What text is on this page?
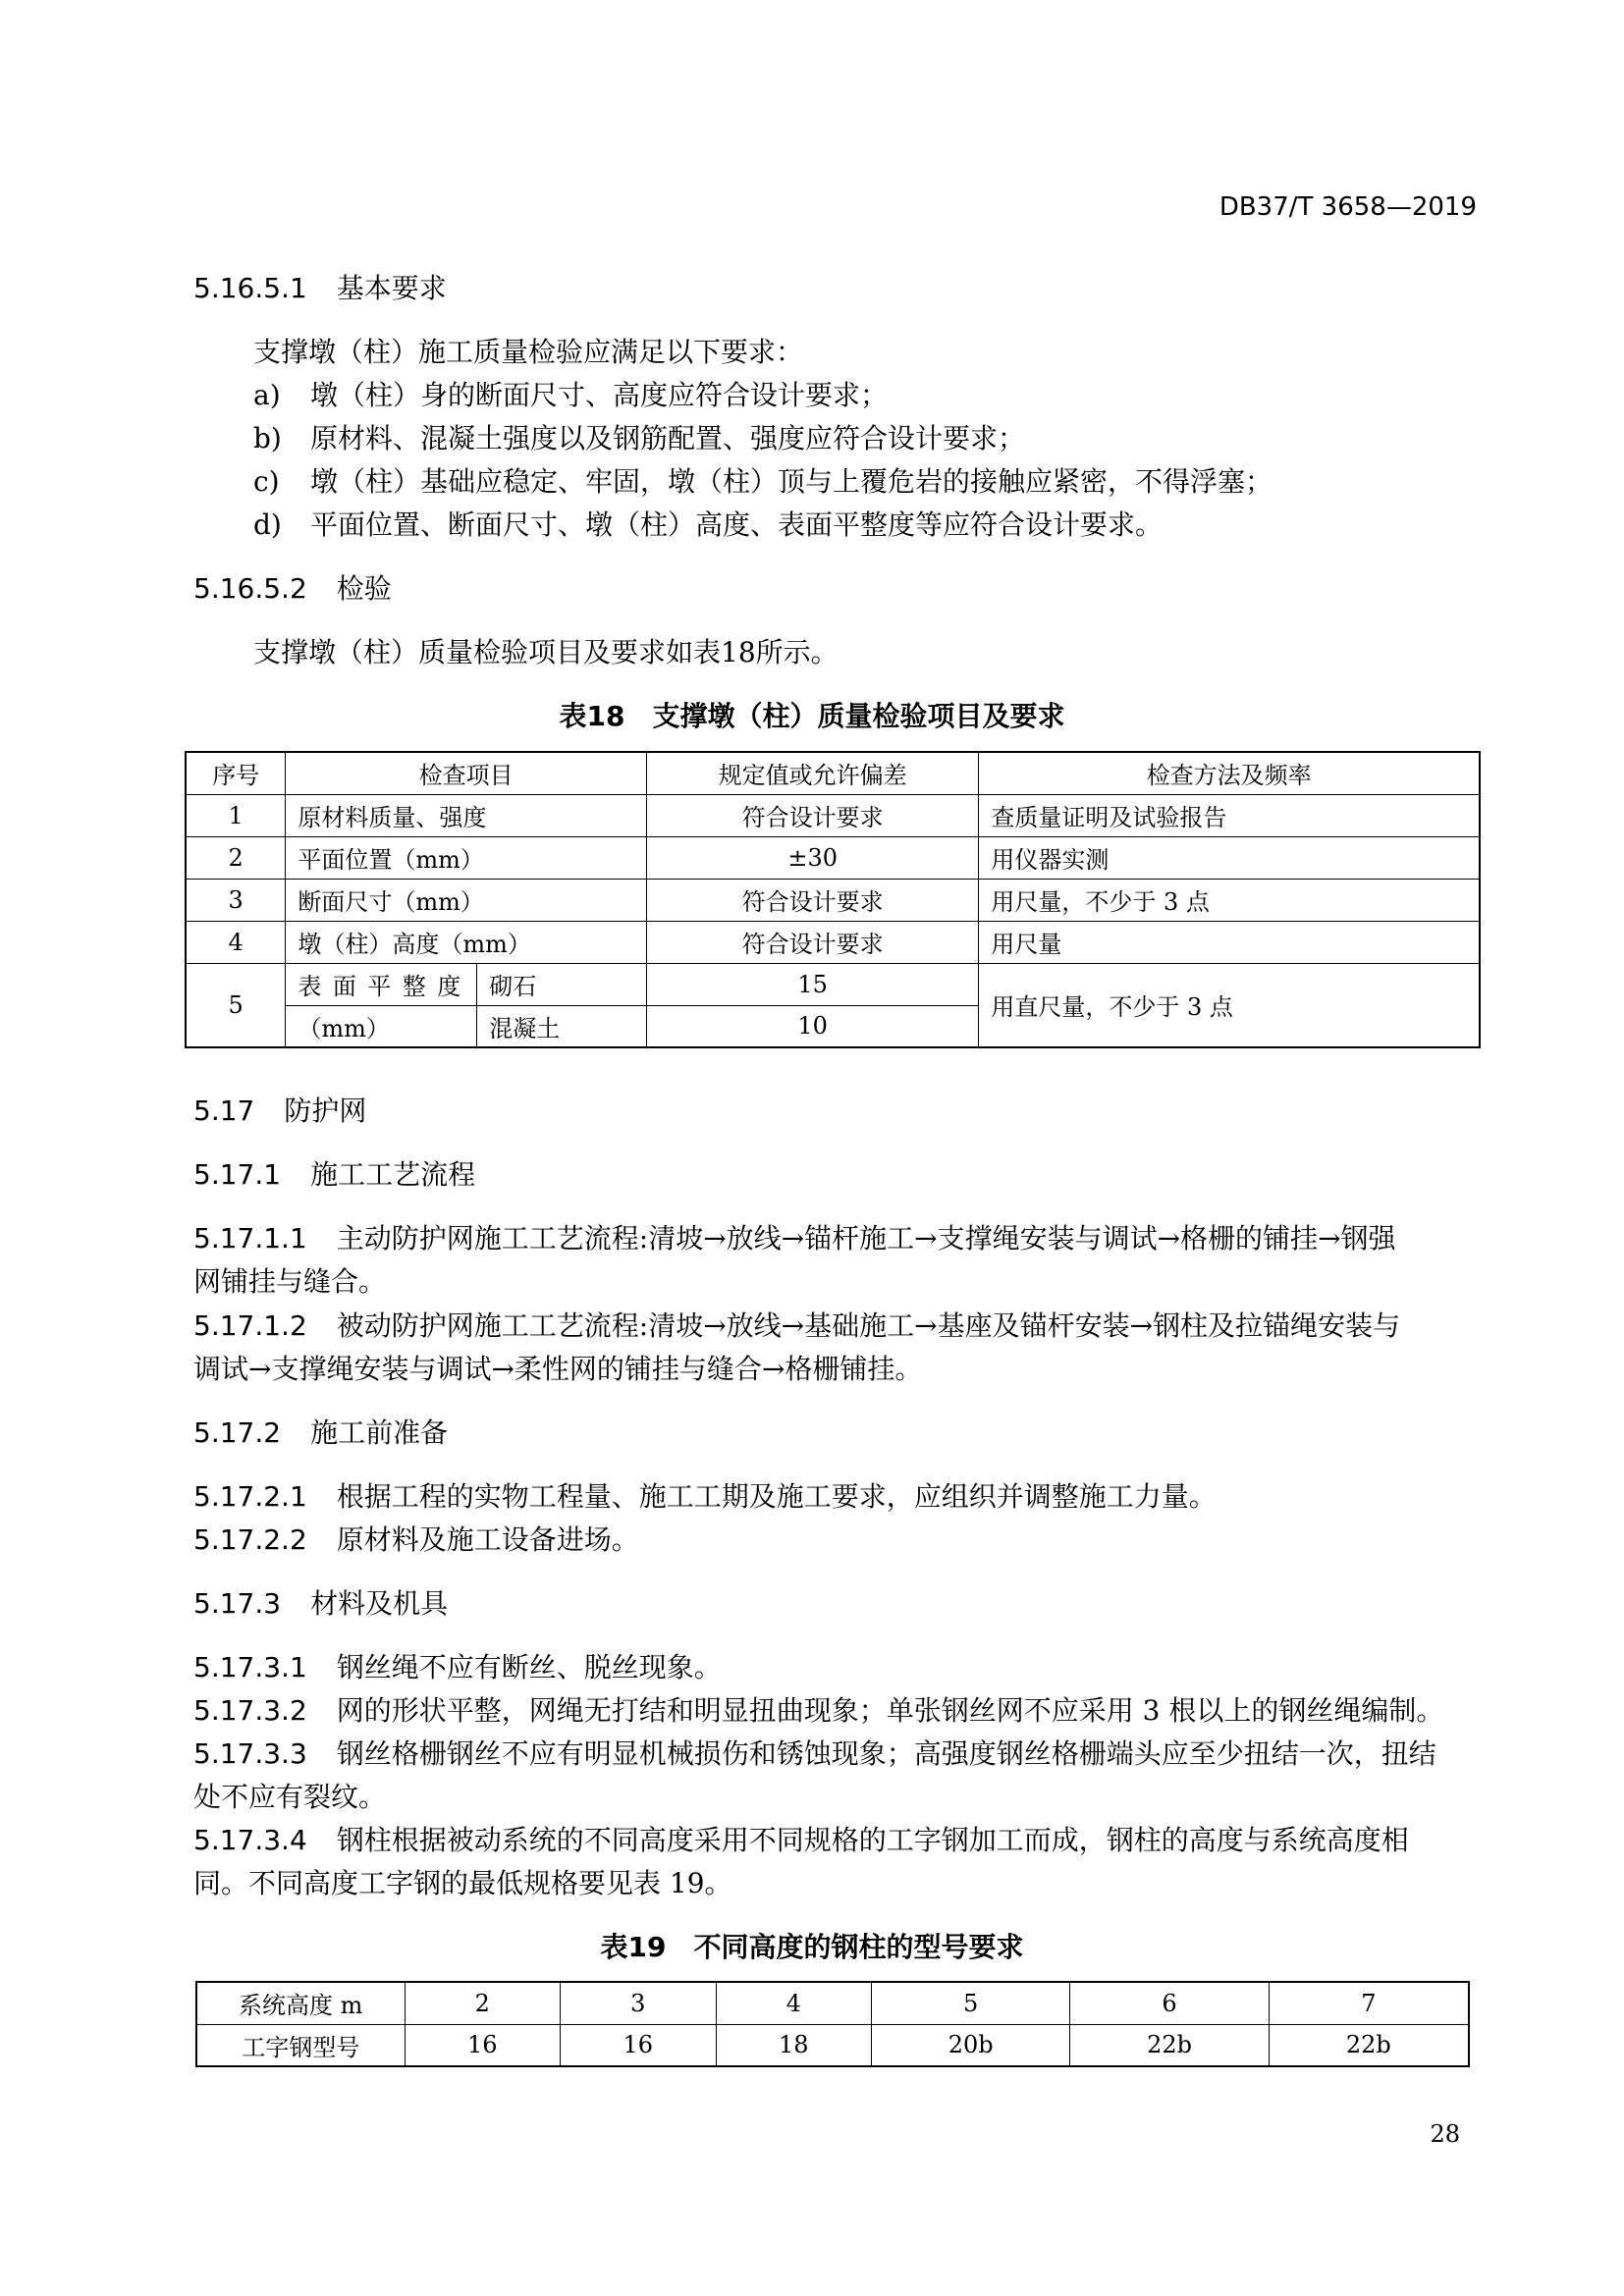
DB37/T 3658—2019
5.16.5.1 基本要求
支撑墩（柱）施工质量检验应满足以下要求：
a) 墩（柱）身的断面尺寸、高度应符合设计要求；
b) 原材料、混凝土强度以及钢筋配置、强度应符合设计要求；
c) 墩（柱）基础应稳定、牢固，墩（柱）顶与上覆危岩的接触应紧密，不得浮塞；
d) 平面位置、断面尺寸、墩（柱）高度、表面平整度等应符合设计要求。
5.16.5.2 检验
支撑墩（柱）质量检验项目及要求如表18所示。
表18　支撑墩（柱）质量检验项目及要求
序号	检查项目		规定值或允许偏差	检查方法及频率
1	原材料质量、强度		符合设计要求	查质量证明及试验报告
2	平面位置（mm）		±30	用仪器实测
3	断面尺寸（mm）		符合设计要求	用尺量，不少于 3 点
4	墩（柱）高度（mm）		符合设计要求	用尺量
5	表面平整度	砌石	15	用直尺量，不少于 3 点
	（mm）	混凝土	10	
5.17 防护网
5.17.1 施工工艺流程
5.17.1.1 主动防护网施工工艺流程:清坡→放线→锚杆施工→支撑绳安装与调试→格栅的铺挂→钢强
网铺挂与缝合。
5.17.1.2 被动防护网施工工艺流程:清坡→放线→基础施工→基座及锚杆安装→钢柱及拉锚绳安装与
调试→支撑绳安装与调试→柔性网的铺挂与缝合→格栅铺挂。
5.17.2 施工前准备
5.17.2.1 根据工程的实物工程量、施工工期及施工要求，应组织并调整施工力量。
5.17.2.2 原材料及施工设备进场。
5.17.3 材料及机具
5.17.3.1 钢丝绳不应有断丝、脱丝现象。
5.17.3.2 网的形状平整，网绳无打结和明显扭曲现象；单张钢丝网不应采用 3 根以上的钢丝绳编制。
5.17.3.3 钢丝格栅钢丝不应有明显机械损伤和锈蚀现象；高强度钢丝格栅端头应至少扭结一次，扭结
处不应有裂纹。
5.17.3.4 钢柱根据被动系统的不同高度采用不同规格的工字钢加工而成，钢柱的高度与系统高度相
同。不同高度工字钢的最低规格要见表 19。
表19　不同高度的钢柱的型号要求
系统高度 m	2	3	4	5	6	7
工字钢型号	16	16	18	20b	22b	22b
28
